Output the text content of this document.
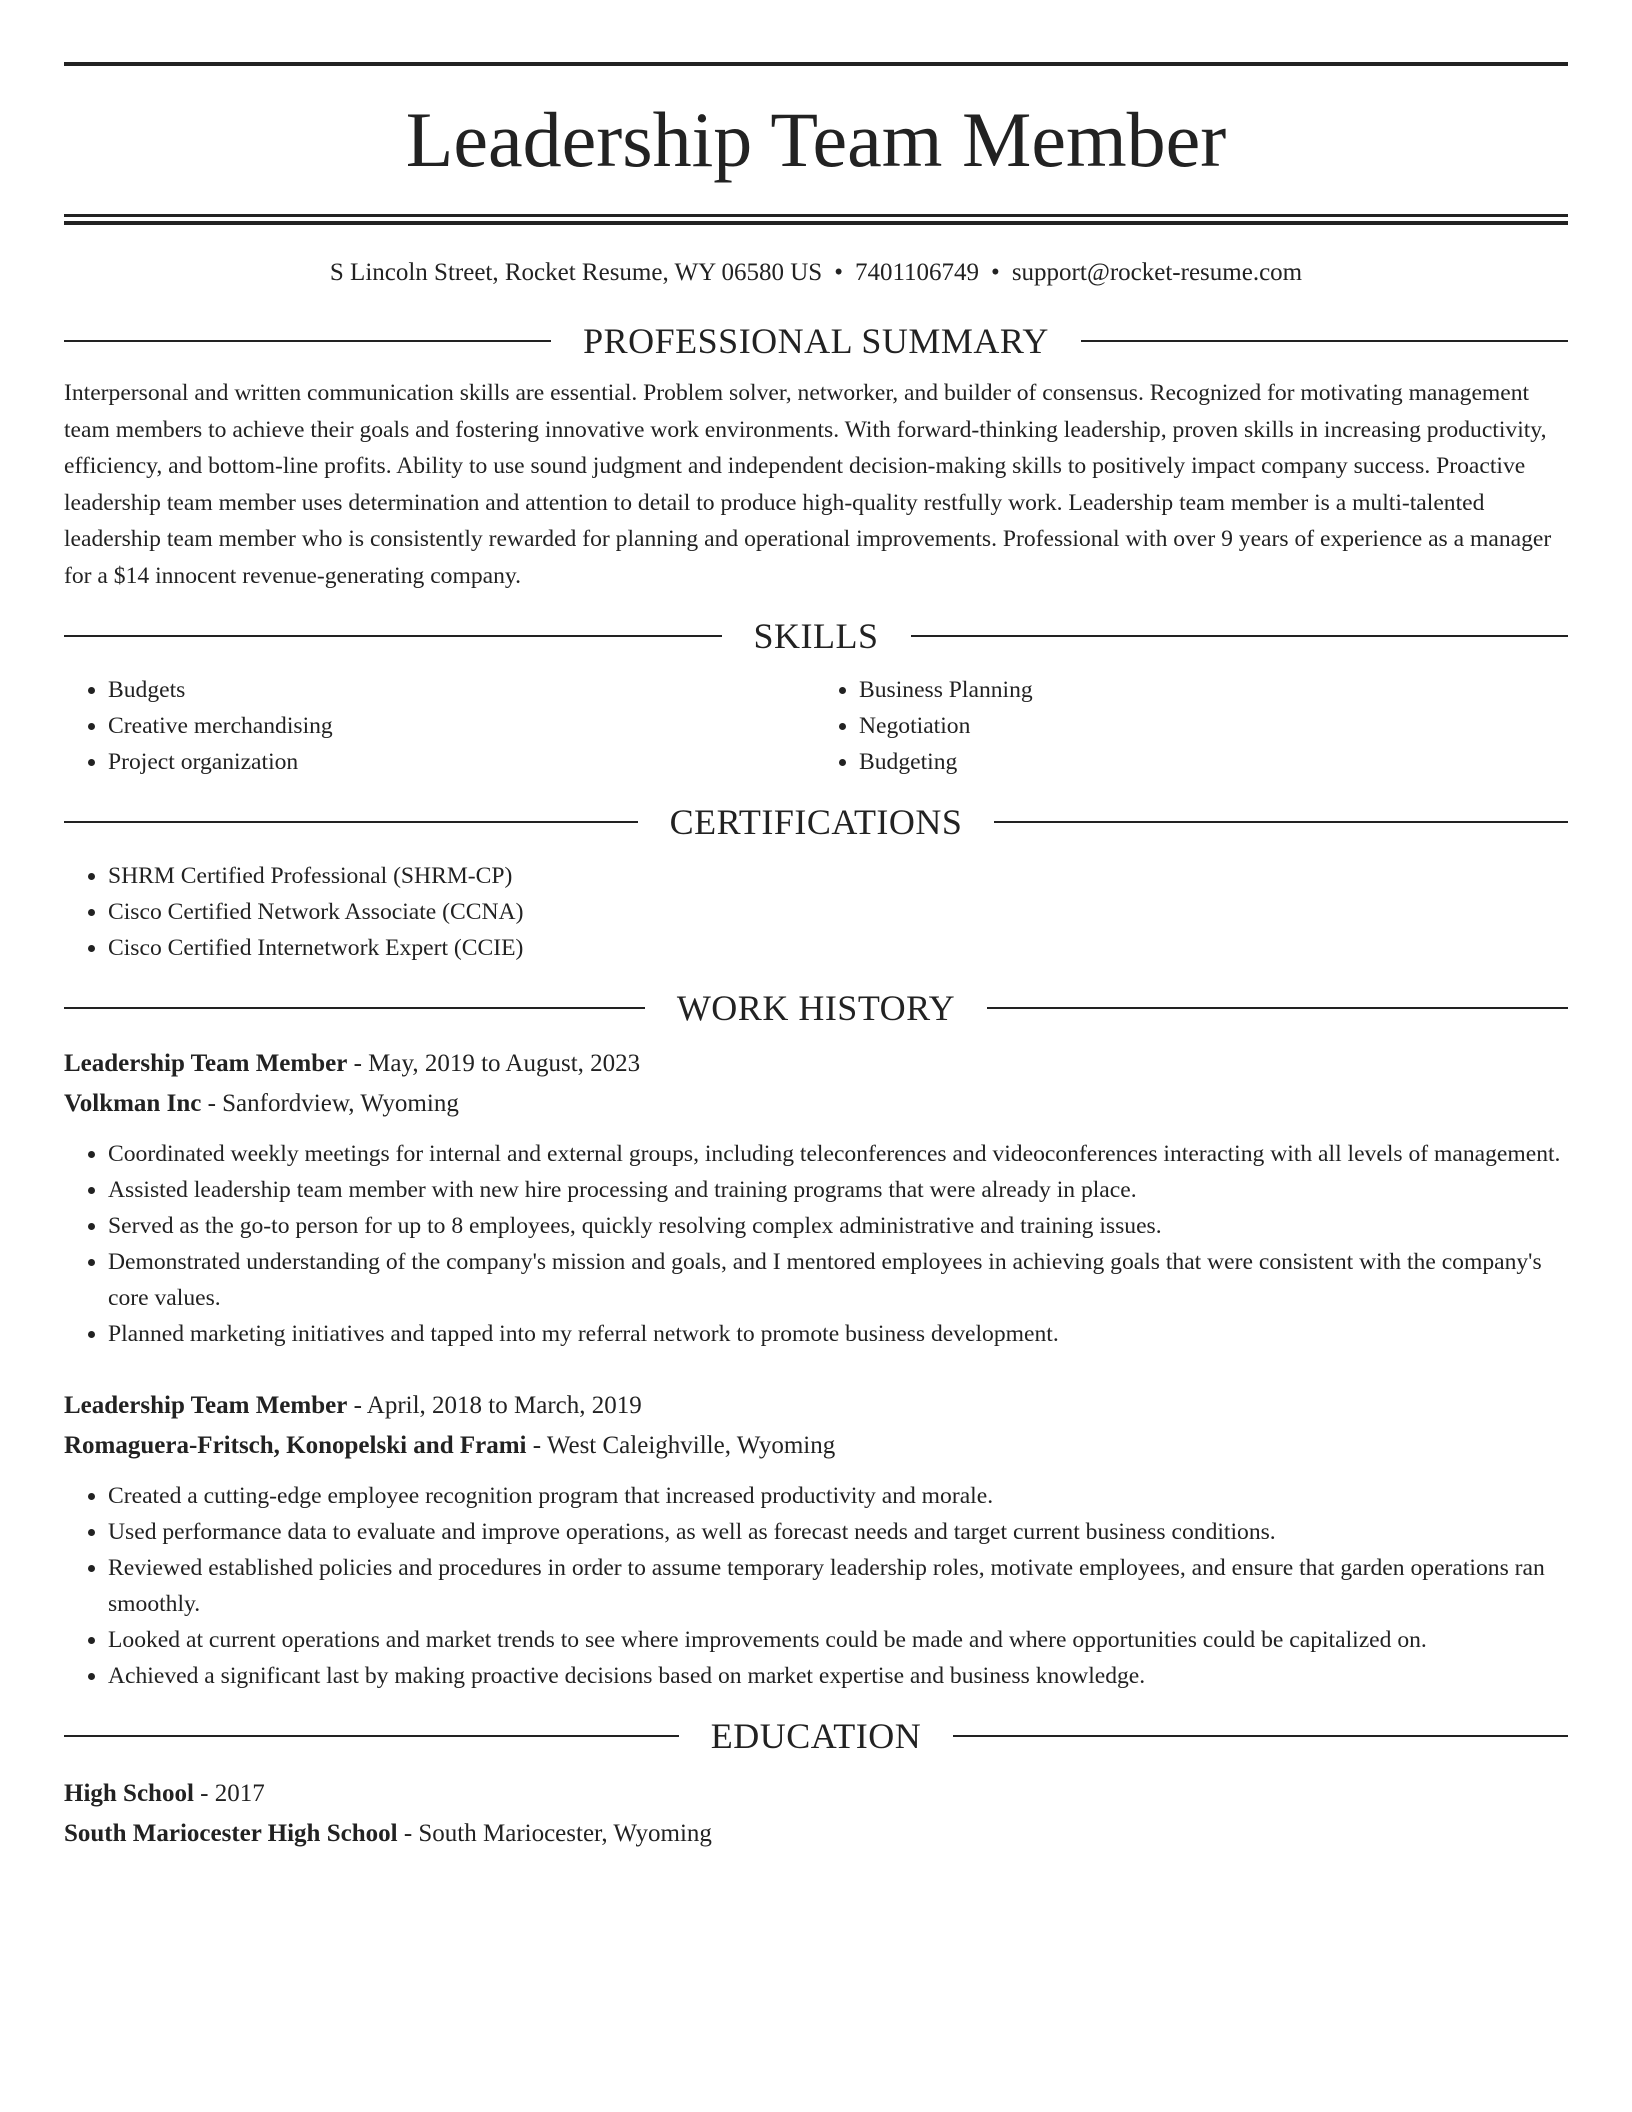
Leadership Team Member
S Lincoln Street, Rocket Resume, WY 06580 US • 7401106749 • support@rocket-resume.com
PROFESSIONAL SUMMARY

Interpersonal and written communication skills are essential. Problem solver, networker, and builder of consensus. Recognized for motivating management team members to achieve their goals and fostering innovative work environments. With forward-thinking leadership, proven skills in increasing productivity, efficiency, and bottom-line profits. Ability to use sound judgment and independent decision-making skills to positively impact company success. Proactive leadership team member uses determination and attention to detail to produce high-quality restfully work. Leadership team member is a multi-talented leadership team member who is consistently rewarded for planning and operational improvements. Professional with over 9 years of experience as a manager for a $14 innocent revenue-generating company.

SKILLS
• Budgets
• Creative merchandising
• Project organization
• Business Planning
• Negotiation
• Budgeting
CERTIFICATIONS
• SHRM Certified Professional (SHRM-CP)
• Cisco Certified Network Associate (CCNA)
• Cisco Certified Internetwork Expert (CCIE)
WORK HISTORY
Leadership Team Member - May, 2019 to August, 2023
Volkman Inc - Sanfordview, Wyoming
• Coordinated weekly meetings for internal and external groups, including teleconferences and videoconferences interacting with all levels of management.
• Assisted leadership team member with new hire processing and training programs that were already in place.
• Served as the go-to person for up to 8 employees, quickly resolving complex administrative and training issues.
• Demonstrated understanding of the company's mission and goals, and I mentored employees in achieving goals that were consistent with the company's core values.
• Planned marketing initiatives and tapped into my referral network to promote business development.
Leadership Team Member - April, 2018 to March, 2019
Romaguera-Fritsch, Konopelski and Frami - West Caleighville, Wyoming
• Created a cutting-edge employee recognition program that increased productivity and morale.
• Used performance data to evaluate and improve operations, as well as forecast needs and target current business conditions.
• Reviewed established policies and procedures in order to assume temporary leadership roles, motivate employees, and ensure that garden operations ran smoothly.
• Looked at current operations and market trends to see where improvements could be made and where opportunities could be capitalized on.
• Achieved a significant last by making proactive decisions based on market expertise and business knowledge.
EDUCATION
High School - 2017
South Mariocester High School - South Mariocester, Wyoming
